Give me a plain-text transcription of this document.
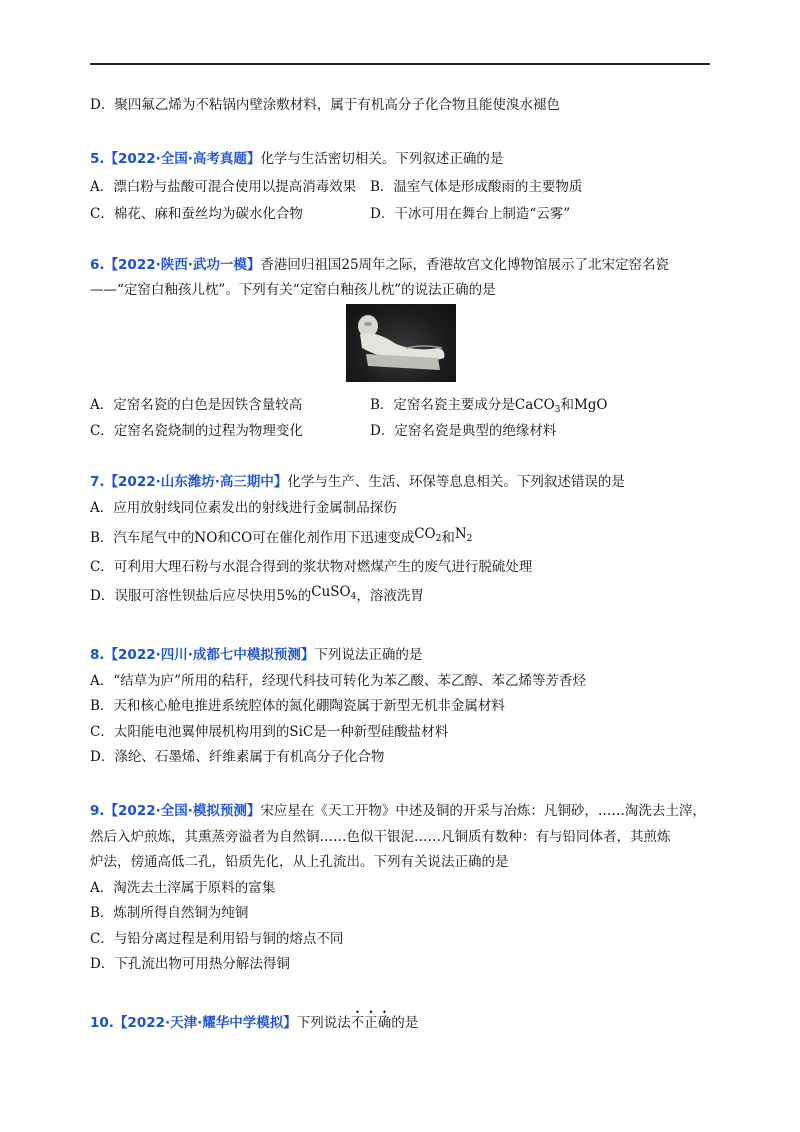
D．聚四氟乙烯为不粘锅内壁涂敷材料，属于有机高分子化合物且能使溴水褪色
5.【2022·全国·高考真题】化学与生活密切相关。下列叙述正确的是
A．漂白粉与盐酸可混合使用以提高消毒效果 B．温室气体是形成酸雨的主要物质
C．棉花、麻和蚕丝均为碳水化合物	D．干冰可用在舞台上制造“云雾”
6.【2022·陕西·武功一模】香港回归祖国25周年之际，香港故宫文化博物馆展示了北宋定窑名瓷
——“定窑白釉孩儿枕”。下列有关“定窑白釉孩儿枕”的说法正确的是
A．定窑名瓷的白色是因铁含量较高	B．定窑名瓷主要成分是CaCO$_3$和MgO
C．定窑名瓷烧制的过程为物理变化	D．定窑名瓷是典型的绝缘材料
7.【2022·山东潍坊·高三期中】化学与生产、生活、环保等息息相关。下列叙述错误的是
A．应用放射线同位素发出的射线进行金属制品探伤
B．汽车尾气中的NO和CO可在催化剂作用下迅速变成$CO_2$和$N_2$
C．可利用大理石粉与水混合得到的浆状物对燃煤产生的废气进行脱硫处理
D．误服可溶性钡盐后应尽快用5%的CuSO$_4$，溶液洗胃
8.【2022·四川·成都七中模拟预测】下列说法正确的是
A．“结草为庐”所用的秸秆，经现代科技可转化为苯乙酸、苯乙醇、苯乙烯等芳香烃
B．天和核心舱电推进系统腔体的氮化硼陶瓷属于新型无机非金属材料
C．太阳能电池翼伸展机构用到的SiC是一种新型硅酸盐材料
D．涤纶、石墨烯、纤维素属于有机高分子化合物
9.【2022·全国·模拟预测】宋应星在《天工开物》中述及铜的开采与冶炼：凡铜砂，……淘洗去土滓，
然后入炉煎炼，其熏蒸旁溢者为自然铜……色似干银泥……凡铜质有数种：有与铅同体者，其煎炼
炉法，傍通高低二孔，铅质先化，从上孔流出。下列有关说法正确的是
A．淘洗去土滓属于原料的富集
B．炼制所得自然铜为纯铜
C．与铅分离过程是利用铅与铜的熔点不同
D．下孔流出物可用热分解法得铜
10.【2022·天津·耀华中学模拟】下列说法不正确的是
